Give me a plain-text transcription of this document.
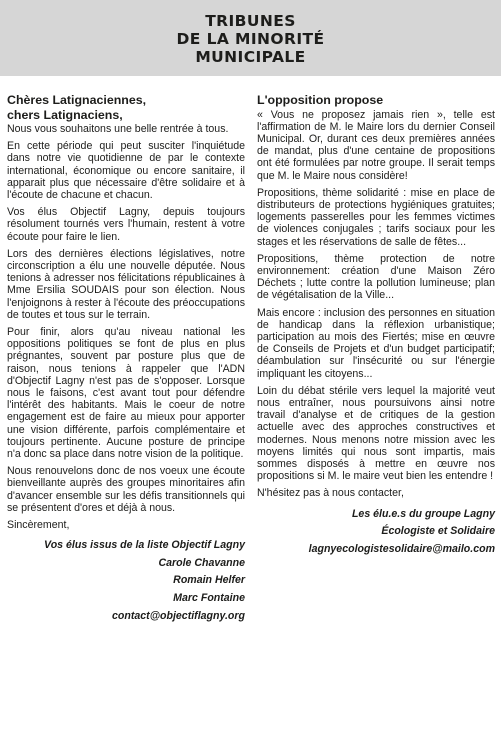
TRIBUNES
DE LA MINORITÉ
MUNICIPALE
Chères Latignaciennes,
chers Latignaciens,

Nous vous souhaitons une belle rentrée à tous.

En cette période qui peut susciter l'inquiétude dans notre vie quotidienne de par le contexte international, économique ou encore sanitaire, il apparait plus que nécessaire d'être solidaire et à l'écoute de chacune et chacun.

Vos élus Objectif Lagny, depuis toujours résolument tournés vers l'humain, restent à votre écoute pour faire le lien.

Lors des dernières élections législatives, notre circonscription a élu une nouvelle députée. Nous tenions à adresser nos félicitations républicaines à Mme Ersilia SOUDAIS pour son élection. Nous l'enjoignons à rester à l'écoute des préoccupations de toutes et tous sur le terrain.

Pour finir, alors qu'au niveau national les oppositions politiques se font de plus en plus prégnantes, souvent par posture plus que de raison, nous tenions à rappeler que l'ADN d'Objectif Lagny n'est pas de s'opposer. Lorsque nous le faisons, c'est avant tout pour défendre l'intérêt des habitants. Mais le coeur de notre engagement est de faire au mieux pour apporter une vision différente, parfois complémentaire et toujours pertinente. Aucune posture de principe n'a donc sa place dans notre vision de la politique.

Nous renouvelons donc de nos voeux une écoute bienveillante auprès des groupes minoritaires afin d'avancer ensemble sur les défis transitionnels qui se présentent d'ores et déjà à nous.

Sincèrement,

Vos élus issus de la liste Objectif Lagny

Carole Chavanne

Romain Helfer

Marc Fontaine

contact@objectiflagny.org

L'opposition propose

« Vous ne proposez jamais rien », telle est l'affirmation de M. le Maire lors du dernier Conseil Municipal. Or, durant ces deux premières années de mandat, plus d'une centaine de propositions ont été formulées par notre groupe. Il serait temps que M. le Maire nous considère!

Propositions, thème solidarité : mise en place de distributeurs de protections hygiéniques gratuites; logements passerelles pour les femmes victimes de violences conjugales ; tarifs sociaux pour les stages et les réservations de salle de fêtes...

Propositions, thème protection de notre environnement: création d'une Maison Zéro Déchets ; lutte contre la pollution lumineuse; plan de végétalisation de la Ville...

Mais encore : inclusion des personnes en situation de handicap dans la réflexion urbanistique; participation au mois des Fiertés; mise en œuvre de Conseils de Projets et d'un budget participatif; déambulation sur l'insécurité ou sur l'énergie impliquant les citoyens...

Loin du débat stérile vers lequel la majorité veut nous entraîner, nous poursuivons ainsi notre travail d'analyse et de critiques de la gestion actuelle avec des approches constructives et modernes. Nous menons notre mission avec les moyens limités qui nous sont impartis, mais sommes disposés à mettre en œuvre nos propositions si M. le maire veut bien les entendre !

N'hésitez pas à nous contacter,

Les élu.e.s du groupe Lagny

Écologiste et Solidaire

lagnyecologistesolidaire@mailo.com
